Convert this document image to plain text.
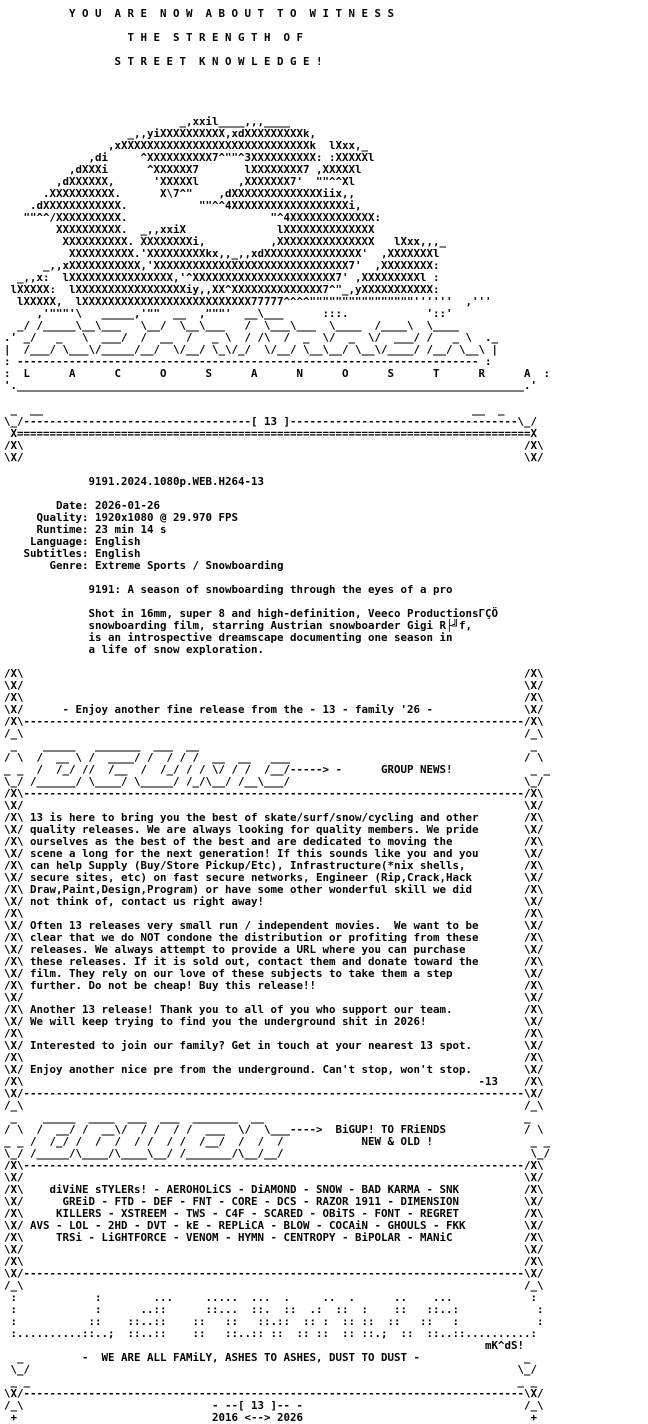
Y O U  A R E  N O W  A B O U T  T O  W I T N E S S

T H E  S T R E N G T H  O F

S T R E E T  K N O W L E D G E !

_,xxil____,,,____
_,,yiXXXXXXXXXX,xdXXXXXXXXXk,
,xXXXXXXXXXXXXXXXXXXXXXXXXXXXXXk  lXxx,_
,di     ^XXXXXXXXXX7^""^3XXXXXXXXXX: :XXXXXl
,dXXXi      ^XXXXXX7       lXXXXXXXX7 ,XXXXXl
,dXXXXXX,      'XXXXXl      ,XXXXXXX7'  ""^^Xl
.XXXXXXXXXX.      X\7^"    ,dXXXXXXXXXXXXXXiix,,
.dXXXXXXXXXXXX.           ""^^4XXXXXXXXXXXXXXXXXXi,
""^^/XXXXXXXXXX.                      "^4XXXXXXXXXXXXX:
XXXXXXXXXX.  _,,xxiX              lXXXXXXXXXXXXXX
XXXXXXXXXX. XXXXXXXXi,          ,XXXXXXXXXXXXXXX   lXxx,,,_
XXXXXXXXXX.'XXXXXXXXXkx,,_,,xdXXXXXXXXXXXXXXX'  ,XXXXXXXl
_,,xXXXXXXXXXXX,'XXXXXXXXXXXXXXXXXXXXXXXXXXXXXX7'  ,XXXXXXXX:
_,,x:  lXXXXXXXXXXXXXXXX,'^XXXXXXXXXXXXXXXXXXXXXX7' ,XXXXXXXXXl :
lXXXXX:  lXXXXXXXXXXXXXXXXXiy,,XX^XXXXXXXXXXXXXX7^"_,yXXXXXXXXXXX:
lXXXXX,  lXXXXXXXXXXXXXXXXXXXXXXXXXX77777^^^^""""""""""""""""''''''  ,'''
,'"""'\   _____,'""  __  ,"""'  __\___      :::.            '::'
_/ /_____\__\___   \__/  \__\___   /  \___\___  \____  /____\  \____
.' _/   _   \  ___/  /  __  /   _ \  / /\  /  _  \/  _  \/  ___/ /   _ \  ._
|  /___/ \___\/_____/__/  \/__/ \_\/_/  \/__/ \__\__/ \__\/____/ /__/ \__\ |
: ----------------------------------------------------------------------- :
:  L      A      C      O      S      A      N      O      S      T      R      A  :
'.______________________________________________________________________________.'

_  __                                                                  __  _
\_/-----------------------------------[ 13 ]-----------------------------------\_/
X===============================================================================X
/X\                                                                             /X\
\X/                                                                             \X/

9191.2024.1080p.WEB.H264-13

Date: 2026-01-26
Quality: 1920x1080 @ 29.970 FPS
Runtime: 23 min 14 s
Language: English
Subtitles: English
Genre: Extreme Sports / Snowboarding

9191: A season of snowboarding through the eyes of a pro

Shot in 16mm, super 8 and high-definition, Veeco ProductionsΓÇÖ
snowboarding film, starring Austrian snowboarder Gigi R├╝f,
is an introspective dreamscape documenting one season in
a life of snow exploration.

/X\                                                                             /X\
\X/                                                                             \X/
/X\                                                                             /X\
\X/      - Enjoy another fine release from the - 13 - family '26 -              \X/
/X\-----------------------------------------------------------------------------/X\
/_\                                                                             /_\
_    _____   _______  ___  __                                                   _
/ \  /  __ \ /  ____/ /  / / /  __  __   ___                                    / \
_ _  /  /_/ //  /__  /  /_/ / / \/ / /  /__/-----> -      GROUP NEWS!            _ _
\_/ /______/ \____/ \_____/ /_/\__/ /__\___/                                    \_/
/X\-----------------------------------------------------------------------------/X\
\X/                                                                             \X/
/X\ 13 is here to bring you the best of skate/surf/snow/cycling and other       /X\
\X/ quality releases. We are always looking for quality members. We pride       \X/
/X\ ourselves as the best of the best and are dedicated to moving the           /X\
\X/ scene a long for the next generation! If this sounds like you and you       \X/
/X\ can help Supply (Buy/Store Pickup/Etc), Infrastructure(*nix shells,         /X\
\X/ secure sites, etc) on fast secure networks, Engineer (Rip,Crack,Hack        \X/
/X\ Draw,Paint,Design,Program) or have some other wonderful skill we did        /X\
\X/ not think of, contact us right away!                                        \X/
/X\                                                                             /X\
\X/ Often 13 releases very small run / independent movies.  We want to be       \X/
/X\ clear that we do NOT condone the distribution or profiting from these       /X\
\X/ releases. We always attempt to provide a URL where you can purchase         \X/
/X\ these releases. If it is sold out, contact them and donate toward the       /X\
\X/ film. They rely on our love of these subjects to take them a step           \X/
/X\ further. Do not be cheap! Buy this release!!                                /X\
\X/                                                                             \X/
/X\ Another 13 release! Thank you to all of you who support our team.           /X\
\X/ We will keep trying to find you the underground shit in 2026!               \X/
/X\                                                                             /X\
\X/ Interested to join our family? Get in touch at your nearest 13 spot.        \X/
/X\                                                                             /X\
\X/ Enjoy another nice pre from the underground. Can't stop, won't stop.        \X/
/X\                                                                      -13    /X\
\X/-----------------------------------------------------------------------------\X/
/_\                                                                             /_\
_    _____  ____  ___  ___  _______  __                                        _
/ \  /  __/ /  __\/  / /  / /  ___  \/  \___---->  BiGUP! TO FRiENDS            / \
_ _ /  /_/ /  /  /  / /  / /  /__/  /  /  /            NEW & OLD !               _ _
\_/ /_____/\____/\____\__/ /_______/\__/__/                                      \_/
/X\-----------------------------------------------------------------------------/X\
\X/                                                                             \X/
/X\    diViNE sTYLERs! - AEROHOLiCS - DiAMOND - SNOW - BAD KARMA - SNK          /X\
\X/      GREiD - FTD - DEF - FNT - CORE - DCS - RAZOR 1911 - DIMENSION          \X/
/X\     KILLERS - XSTREEM - TWS - C4F - SCARED - OBiTS - FONT - REGRET          /X\
\X/ AVS - LOL - 2HD - DVT - kE - REPLiCA - BLOW - COCAiN - GHOULS - FKK         \X/
/X\     TRSi - LiGHTFORCE - VENOM - HYMN - CENTROPY - BiPOLAR - MANiC           /X\
\X/                                                                             \X/
/X\                                                                             /X\
\X/-----------------------------------------------------------------------------\X/
/_\                                                                             /_\
:            :        ...     .....  ...  .     ..  .      ..    ...            :
:            :      ..::      ::...  ::.  ::  .:  ::  :    ::   ::..:            :
:           ::    ::..::    ::   ::   ::.::  :: :  :: ::  ::   ::   :            :
:..........::..;  ::..::    ::   ::..:: ::  :: ::  :: ::.;  ::  ::..::..........:
mK^dS!
_         -  WE ARE ALL FAMiLY, ASHES TO ASHES, DUST TO DUST -                _
\_/                                                                           \_/
_ _                                                                           _ _
\X/-----------------------------------------------------------------------------\X/
/_\                             - --[ 13 ]-- -                                  /_\
+                              2016 <--> 2026                                   +
